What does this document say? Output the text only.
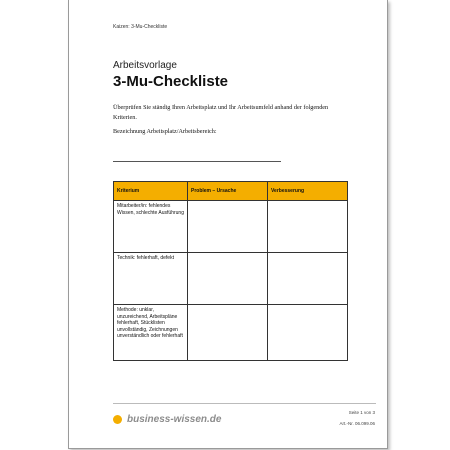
Kaizen: 3-Mu-Checkliste
Arbeitsvorlage
3-Mu-Checkliste
Überprüfen Sie ständig Ihren Arbeitsplatz und Ihr Arbeitsumfeld anhand der folgenden Kriterien.
Bezeichnung Arbeitsplatz/Arbeitsbereich:
Kriterium	Problem – Ursache	Verbesserung
Mitarbeiter/in: fehlendes Wissen, schlechte Ausführung		
Technik: fehlerhaft, defekt		
Methode: unklar, unzureichend, Arbeitspläne fehlerhaft, Stücklisten unvollständig, Zeichnungen unverständlich oder fehlerhaft		
business-wissen.de
Seite 1 von 3
Art.-Nr. 06.099.06
